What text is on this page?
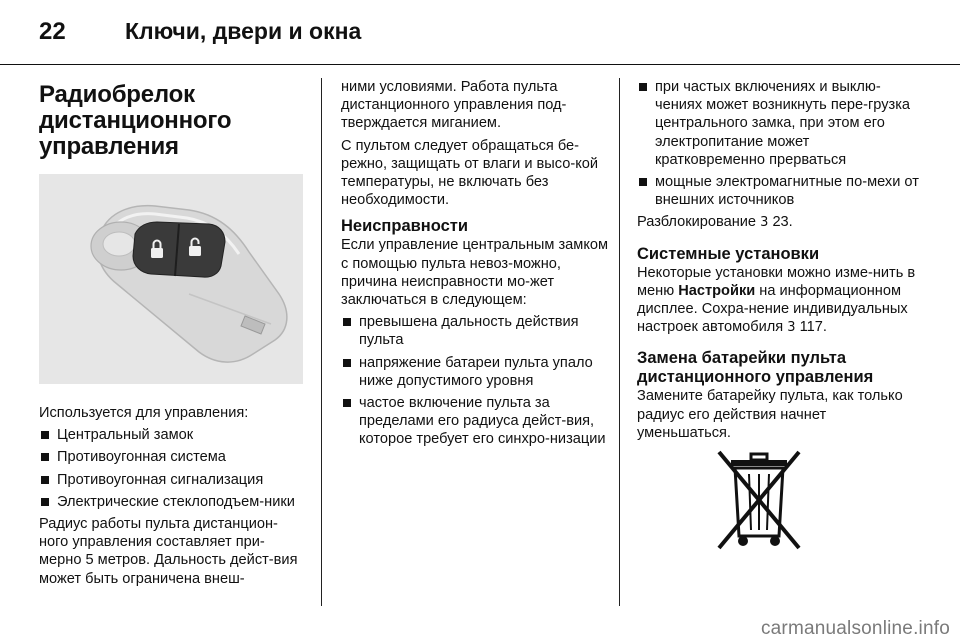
22	Ключи, двери и окна
Радиобрелок дистанционного управления

Используется для управления:

Центральный замок
Противоугонная система
Противоугонная сигнализация
Электрические стеклоподъем-ники

Радиус работы пульта дистанцион-ного управления составляет при-мерно 5 метров. Дальность дейст-вия может быть ограничена внеш-

ними условиями. Работа пульта дистанционного управления под-тверждается миганием.

С пультом следует обращаться бе-режно, защищать от влаги и высо-кой температуры, не включать без необходимости.

Неисправности

Если управление центральным замком с помощью пульта невоз-можно, причина неисправности мо-жет заключаться в следующем:

превышена дальность действия пульта
напряжение батареи пульта упало ниже допустимого уровня
частое включение пульта за пределами его радиуса дейст-вия, которое требует его синхро-низации
при частых включениях и выклю-чениях может возникнуть пере-грузка центрального замка, при этом его электропитание может кратковременно прерваться
мощные электромагнитные по-мехи от внешних источников

Разблокирование 3 23.

Системные установки

Некоторые установки можно изме-нить в меню Настройки на информационном дисплее. Сохра-нение индивидуальных настроек автомобиля 3 117.

Замена батарейки пульта дистанционного управления

Замените батарейку пульта, как только радиус его действия начнет уменьшаться.

carmanualsonline.info
